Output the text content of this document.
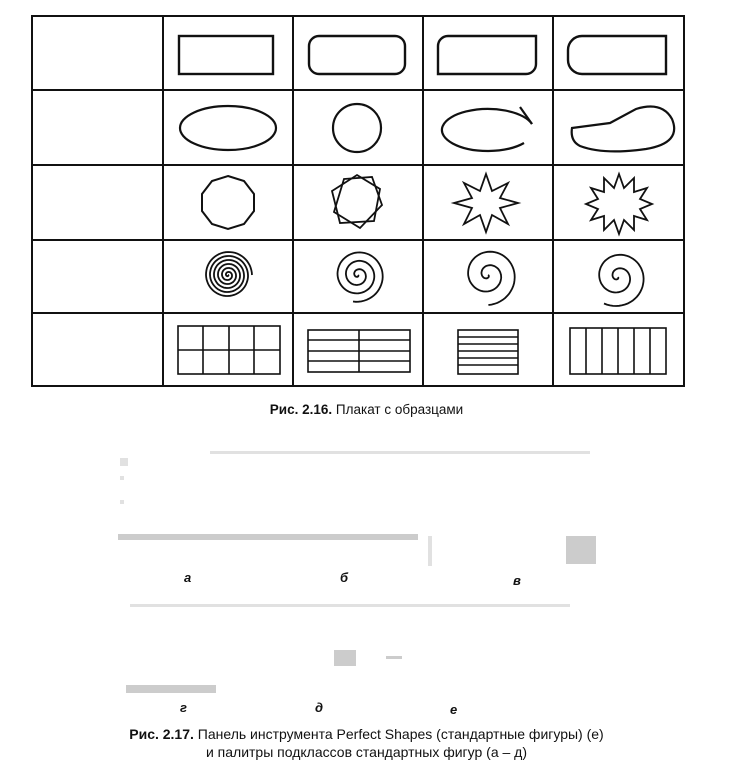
Рис. 2.16. Плакат с образцами
а	б	в
г	д	е
Рис. 2.17. Панель инструмента Perfect Shapes (стандартные фигуры) (е)
и палитры подклассов стандартных фигур (а – д)
